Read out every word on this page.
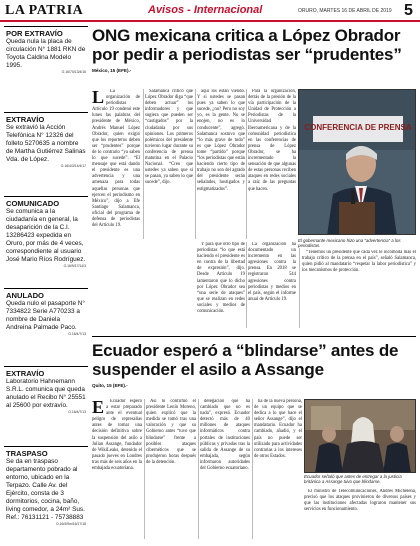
LA PATRIA	Avisos - Internacional	ORURO, MARTES 16 DE ABRIL DE 2019 5
POR EXTRAVÍO
Queda nula la placa de circulación N° 1881 RKN de Toyota Caldina Modelo 1995.
O.16/70/13/4/16
EXTRAVÍO
Se extravió la Acción Telefónica N° 12326 del folleto 5270635 a nombre de Martha Gutiérrez Salinas Vda. de López.
O.16/4/3/14/4/17
COMUNICADO
Se comunica a la ciudadanía en general, la desaparición de la C.I. 13286423 expedida en Oruro, por más de 4 veces, correspondiente al usuario José Mario Ríos Rodríguez.
O.16/9/17/14/3
ANULADO
Queda nulo el pasaporte N° 7334822 Serie A770233 a nombre de Daniela Andreina Palmade Paco.
O.16/4/7/13
EXTRAVÍO
Laboratorio Hahnemann S.R.L. comunica que queda anulado el Recibo N° 25551 al 25600 por extravío.
O.16/4/7/13
TRASPASO
Se da en traspaso departamento pobrado al entorno, ubicado en la Terpazo. Calle Av. del Ejército, consta de 3 dormitorios, cocina, baño, living comedor, a 24m² Sus. Ref.: 76131121 - 75738883
O.16/4/9m/16/17/18
ONG mexicana critica a López Obrador por pedir a periodistas ser “prudentes”
México, 15 (EFE).-
L	La organización de periodistas Artículo 19 condenó este lunes las palabras del presidente de México, Andrés Manuel López Obrador, quien exigió que los reporteros deben ser “prudentes” porque de lo contrario “ya saben lo que sucede”. “El mensaje que está dando el presidente es una advertencia y una amenaza para todas aquellas personas que ejercen el periodismo en México”, dijo a Efe Santiago Salamanca, oficial del programa de defensa de periodistas del Artículo 19.

Salamanca criticó que López Obrador diga “que deben actuar” los informadores y que sugiera que pueden ser “castigados” por la ciudadanía por sus opiniones. Los primeros polémicos del presidente tuvieron lugar durante su conferencia de prensa matutina en el Palacio Nacional. “Creo que ustedes ya saben que si se pasan, ya saben lo que sucede”, dijo.

aquí los están viendo. Y si ustedes se pasan pues ya saben lo que sucede, ¿no? Pero no soy yo, es la gente. No se enojen, no es lo conducente”, agregó. Salamanca sostuvo que “lo más grave de todo” es que López Obrador tome “partido” porque “los periodistas que están haciendo cierto tipo de trabajo no son del agrado del presidente serán señalados, hostigados y estigmatizados”.

Para la organización, detrás de la presión de la vía participación de la Unidad de Protección a Periodistas de la Universidad Iberoamericana y de la comunidad periodística en las conferencias de prensa de López Obrador, se ha incrementado la sensación de que algunas de estas personas reciben ataques en redes sociales a raíz de las preguntas que hacen.

CONFERENCIA DE PRENSA
El gobernante mexicano hizo una “advertencia” a los periodistas.

Y para que otro tipo de periodistas “lo que está haciendo el presidente es en contra de la libertad de expresión”, dijo. Desde Artículo 19 lamentaron que lo dicho por López Obrador sea “una serie de ataques” que se realizan en redes sociales y medios de comunicación.

La organización ha documentado un incremento en las agresiones contra la prensa. En 2018 se registraron 544 agresiones contra periodistas y medios en el país, según el informe anual de Artículo 19.

“Tenemos un presidente que cada vez le incomoda más el trabajo crítico de la prensa en el país”, señaló Salamanca, quien pidió al mandatario “respetar la labor periodística” y los mecanismos de protección.

Ecuador esperó a “blindarse” antes de suspender el asilo a Assange
Quito, 15 (EFE).-
E	Ecuador esperó a estar preparado ante el eventual peligro de represalias antes de tomar una decisión definitiva sobre la suspensión del asilo a Julian Assange, fundador de WikiLeaks, detenido el pasado jueves en Londres tras más de seis años en la embajada ecuatoriana.

Así lo confirmó el presidente Lenín Moreno, quien explicó que la medida se tomó tras una valoración y que su Gobierno antes “tuvo que blindarse” frente a posibles ataques cibernéticos que se produjeron horas después de la detención.

delegación que ha cambiado que no es nada”, expresó. Ecuador detectó más de 40 millones de ataques informáticos contra portales de instituciones públicas y privadas tras la salida de Assange de su embajada, según informaron autoridades del Gobierno ecuatoriano.

ha de la nueva persona, de un equipo que se dedica a lo que hace el señor Assange”, dijo el mandatario. Ecuador ha cambiado, añadió, y el país no puede ser utilizado para actividades contrarias a los intereses de otros Estados.

Ecuador señaló que antes de entregar a la justicia británica a Assange tuvo que blindarse.

El ministro de Telecomunicaciones, Andrés Michelena, precisó que los ataques provinieron de diversos países y que las instituciones afectadas lograron mantener sus servicios en funcionamiento.
